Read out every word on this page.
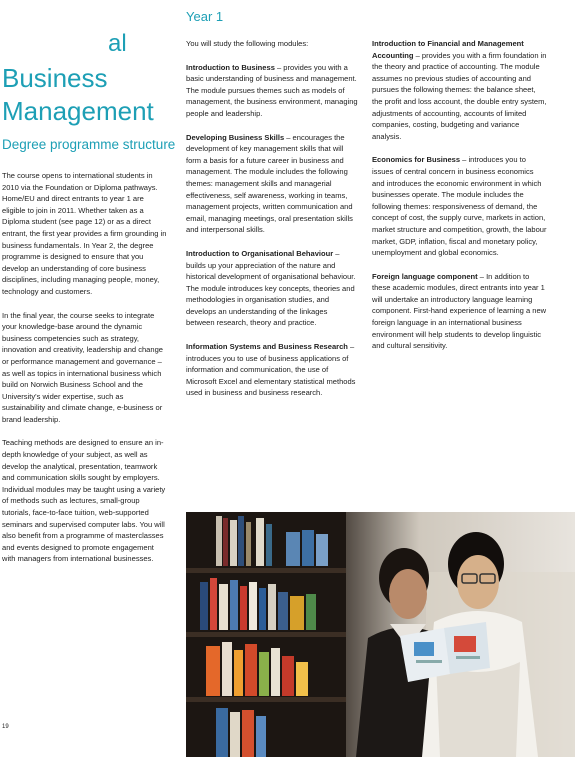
al
Business
Management
Degree programme structure

The course opens to international students in 2010 via the Foundation or Diploma pathways. Home/EU and direct entrants to year 1 are eligible to join in 2011. Whether taken as a Diploma student (see page 12) or as a direct entrant, the first year provides a firm grounding in business fundamentals. In Year 2, the degree programme is designed to ensure that you develop an understanding of core business disciplines, including managing people, money, technology and customers.

In the final year, the course seeks to integrate your knowledge-base around the dynamic business competencies such as strategy, innovation and creativity, leadership and change or performance management and governance – as well as topics in international business which build on Norwich Business School and the University's wider expertise, such as sustainability and climate change, e-business or brand leadership.

Teaching methods are designed to ensure an in-depth knowledge of your subject, as well as develop the analytical, presentation, teamwork and communication skills sought by employers. Individual modules may be taught using a variety of methods such as lectures, small-group tutorials, face-to-face tuition, web-supported seminars and supervised computer labs. You will also benefit from a programme of masterclasses and events designed to promote engagement with managers from international businesses.

Year 1

You will study the following modules:

Introduction to Business – provides you with a basic understanding of business and management. The module pursues themes such as models of management, the business environment, managing people and leadership.

Developing Business Skills – encourages the development of key management skills that will form a basis for a future career in business and management. The module includes the following themes: management skills and managerial effectiveness, self awareness, working in teams, management projects, written communication and email, managing meetings, oral presentation skills and interpersonal skills.

Introduction to Organisational Behaviour – builds up your appreciation of the nature and historical development of organisational behaviour. The module introduces key concepts, theories and methodologies in organisation studies, and develops an understanding of the linkages between research, theory and practice.

Information Systems and Business Research – introduces you to use of business applications of information and communication, the use of Microsoft Excel and elementary statistical methods used in business and business research.

Introduction to Financial and Management Accounting – provides you with a firm foundation in the theory and practice of accounting. The module assumes no previous studies of accounting and pursues the following themes: the balance sheet, the profit and loss account, the double entry system, adjustments of accounting, accounts of limited companies, costing, budgeting and variance analysis.

Economics for Business – introduces you to issues of central concern in business economics and introduces the economic environment in which businesses operate. The module includes the following themes: responsiveness of demand, the concept of cost, the supply curve, markets in action, market structure and competition, growth, the labour market, GDP, inflation, fiscal and monetary policy, unemployment and global economics.

Foreign language component – In addition to these academic modules, direct entrants into year 1 will undertake an introductory language learning component. First-hand experience of learning a new foreign language in an international business environment will help students to develop linguistic and cultural sensitivity.

19
